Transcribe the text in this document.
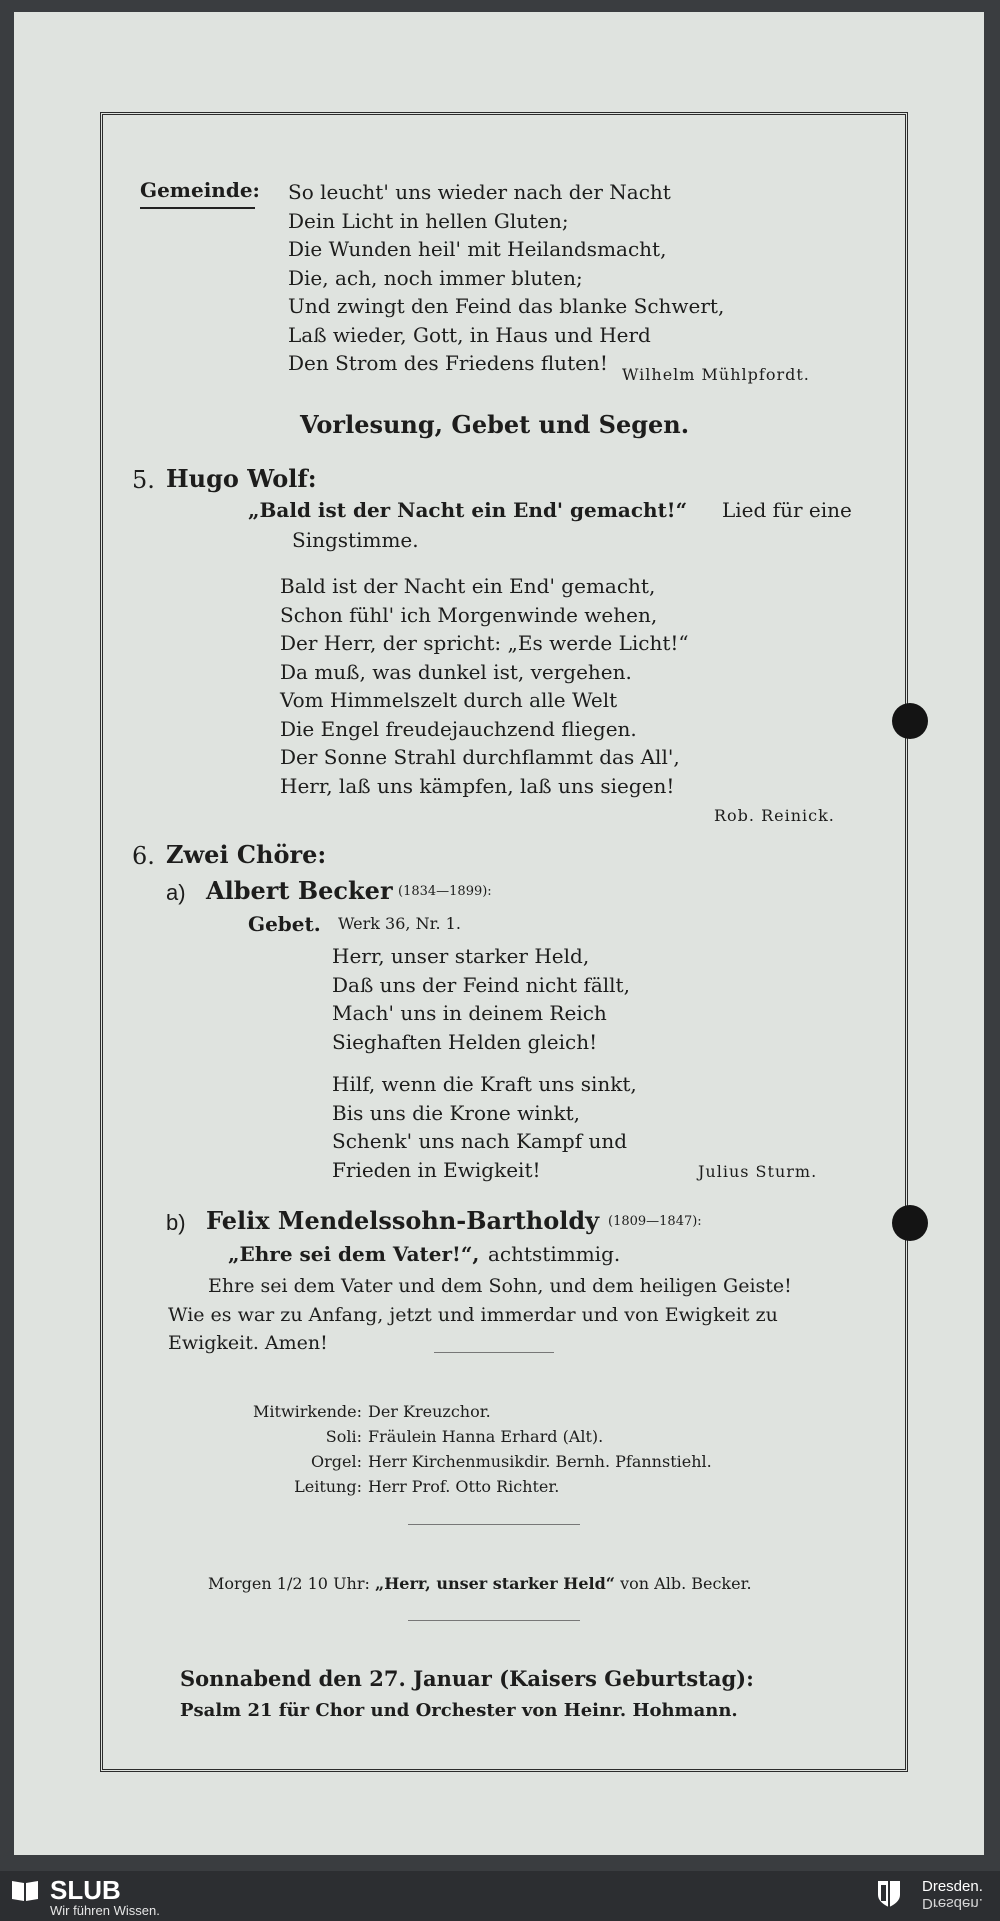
Gemeinde: So leucht' uns wieder nach der Nacht
Dein Licht in hellen Gluten;
Die Wunden heil' mit Heilandsmacht,
Die, ach, noch immer bluten;
Und zwingt den Feind das blanke Schwert,
Laß wieder, Gott, in Haus und Herd
Den Strom des Friedens fluten! Wilhelm Mühlpfordt.
Vorlesung, Gebet und Segen.
5. Hugo Wolf:
„Bald ist der Nacht ein End' gemacht!“ Lied für eine
Singstimme.
Bald ist der Nacht ein End' gemacht,
Schon fühl' ich Morgenwinde wehen,
Der Herr, der spricht: „Es werde Licht!“
Da muß, was dunkel ist, vergehen.
Vom Himmelszelt durch alle Welt
Die Engel freudejauchzend fliegen.
Der Sonne Strahl durchflammt das All',
Herr, laß uns kämpfen, laß uns siegen!
Rob. Reinick.
6. Zwei Chöre:
a) Albert Becker (1834—1899):
Gebet. Werk 36, Nr. 1.
Herr, unser starker Held,
Daß uns der Feind nicht fällt,
Mach' uns in deinem Reich
Sieghaften Helden gleich!
Hilf, wenn die Kraft uns sinkt,
Bis uns die Krone winkt,
Schenk' uns nach Kampf und
Frieden in Ewigkeit!	Julius Sturm.
b) Felix Mendelssohn-Bartholdy (1809—1847):
„Ehre sei dem Vater!“, achtstimmig.
Ehre sei dem Vater und dem Sohn, und dem heiligen Geiste!
Wie es war zu Anfang, jetzt und immerdar und von Ewigkeit zu
Ewigkeit. Amen!
Mitwirkende: Der Kreuzchor.
Soli: Fräulein Hanna Erhard (Alt).
Orgel: Herr Kirchenmusikdir. Bernh. Pfannstiehl.
Leitung: Herr Prof. Otto Richter.
Morgen 1/2 10 Uhr: „Herr, unser starker Held“ von Alb. Becker.
Sonnabend den 27. Januar (Kaisers Geburtstag):
Psalm 21 für Chor und Orchester von Heinr. Hohmann.
SLUB
Wir führen Wissen.
Dresden.
Dresden.
